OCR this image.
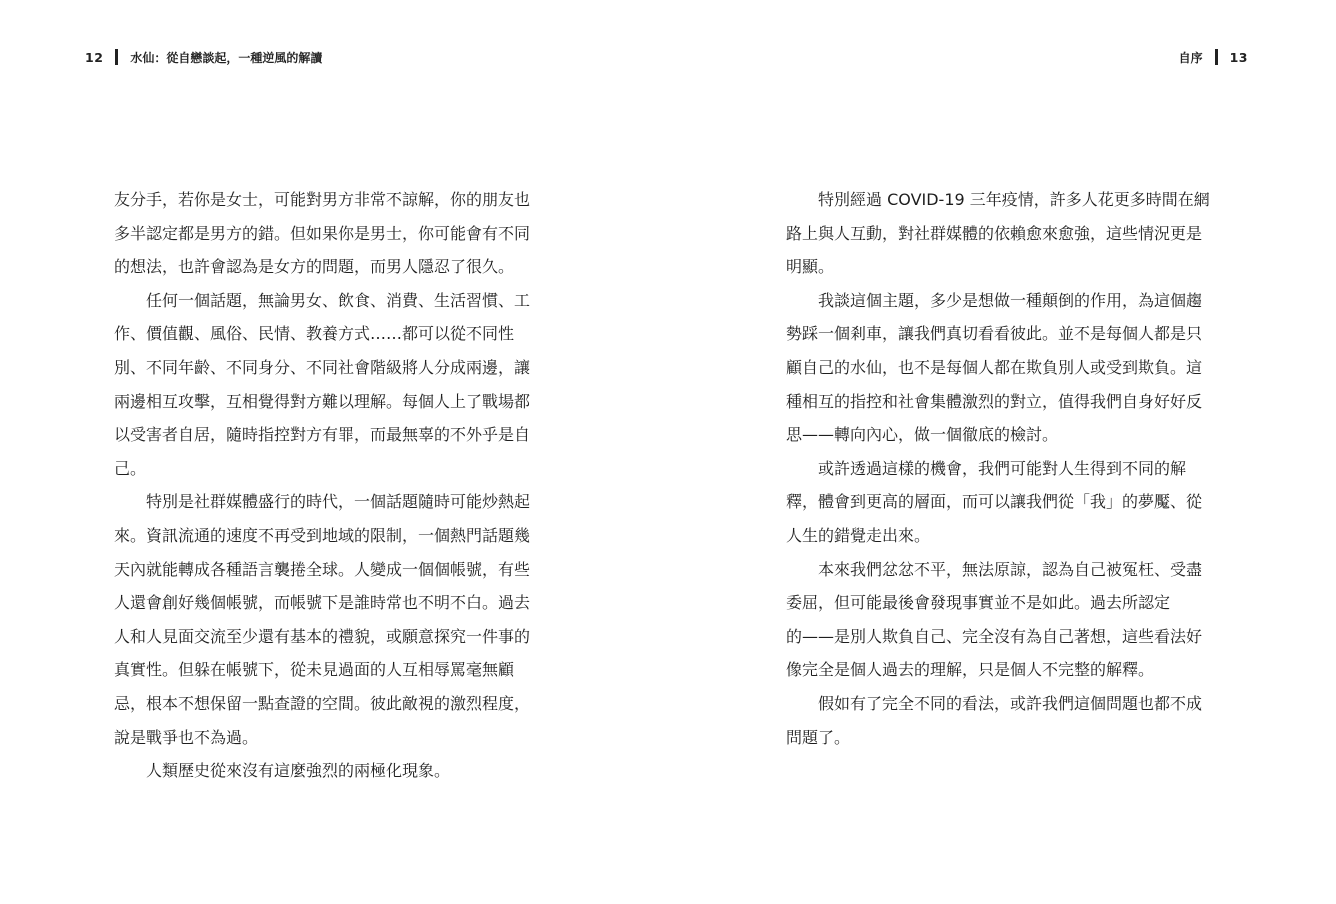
12 水仙：從自戀談起，一種逆風的解讀
友分手，若你是女士，可能對男方非常不諒解，你的朋友也
多半認定都是男方的錯。但如果你是男士，你可能會有不同
的想法，也許會認為是女方的問題，而男人隱忍了很久。
任何一個話題，無論男女、飲食、消費、生活習慣、工
作、價值觀、風俗、民情、教養方式……都可以從不同性
別、不同年齡、不同身分、不同社會階級將人分成兩邊，讓
兩邊相互攻擊，互相覺得對方難以理解。每個人上了戰場都
以受害者自居，隨時指控對方有罪，而最無辜的不外乎是自
己。
特別是社群媒體盛行的時代，一個話題隨時可能炒熱起
來。資訊流通的速度不再受到地域的限制，一個熱門話題幾
天內就能轉成各種語言襲捲全球。人變成一個個帳號，有些
人還會創好幾個帳號，而帳號下是誰時常也不明不白。過去
人和人見面交流至少還有基本的禮貌，或願意探究一件事的
真實性。但躲在帳號下，從未見過面的人互相辱罵毫無顧
忌，根本不想保留一點查證的空間。彼此敵視的激烈程度，
說是戰爭也不為過。
人類歷史從來沒有這麼強烈的兩極化現象。
自序 13
特別經過 COVID-19 三年疫情，許多人花更多時間在網
路上與人互動，對社群媒體的依賴愈來愈強，這些情況更是
明顯。
我談這個主題，多少是想做一種顛倒的作用，為這個趨
勢踩一個剎車，讓我們真切看看彼此。並不是每個人都是只
顧自己的水仙，也不是每個人都在欺負別人或受到欺負。這
種相互的指控和社會集體激烈的對立，值得我們自身好好反
思——轉向內心，做一個徹底的檢討。
或許透過這樣的機會，我們可能對人生得到不同的解
釋，體會到更高的層面，而可以讓我們從「我」的夢魘、從
人生的錯覺走出來。
本來我們忿忿不平，無法原諒，認為自己被冤枉、受盡
委屈，但可能最後會發現事實並不是如此。過去所認定
的——是別人欺負自己、完全沒有為自己著想，這些看法好
像完全是個人過去的理解，只是個人不完整的解釋。
假如有了完全不同的看法，或許我們這個問題也都不成
問題了。
